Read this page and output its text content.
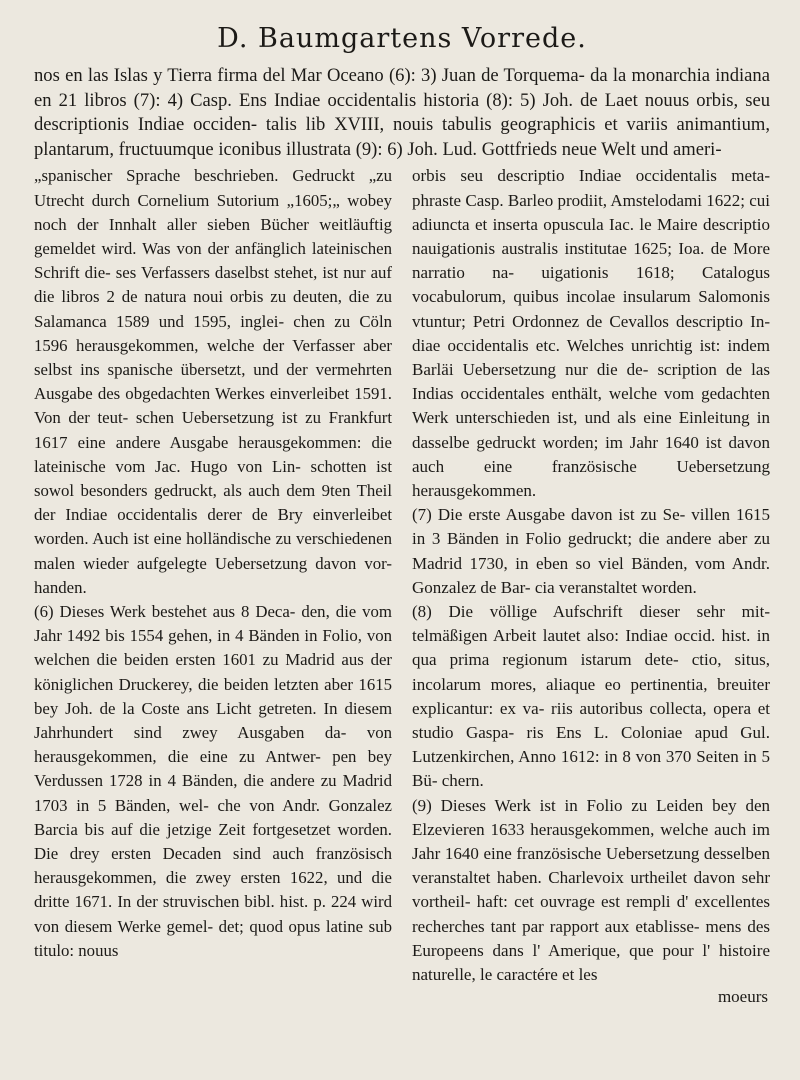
D. Baumgartens Vorrede.

nos en las Islas y Tierra firma del Mar Oceano (6): 3) Juan de Torquema- da la monarchia indiana en 21 libros (7): 4) Casp. Ens Indiae occidentalis historia (8): 5) Joh. de Laet nouus orbis, seu descriptionis Indiae occiden- talis lib XVIII, nouis tabulis geographicis et variis animantium, plantarum, fructuumque iconibus illustrata (9): 6) Joh. Lud. Gottfrieds neue Welt und ameri-

„spanischer Sprache beschrieben. Gedruckt „zu Utrecht durch Cornelium Sutorium „1605;„ wobey noch der Innhalt aller sieben Bücher weitläuftig gemeldet wird. Was von der anfänglich lateinischen Schrift die- ses Verfassers daselbst stehet, ist nur auf die libros 2 de natura noui orbis zu deuten, die zu Salamanca 1589 und 1595, inglei- chen zu Cöln 1596 herausgekommen, welche der Verfasser aber selbst ins spanische übersetzt, und der vermehrten Ausgabe des obgedachten Werkes einverleibet 1591. Von der teut- schen Uebersetzung ist zu Frankfurt 1617 eine andere Ausgabe herausgekommen: die lateinische vom Jac. Hugo von Lin- schotten ist sowol besonders gedruckt, als auch dem 9ten Theil der Indiae occidentalis derer de Bry einverleibet worden. Auch ist eine holländische zu verschiedenen malen wieder aufgelegte Uebersetzung davon vor- handen.

(6) Dieses Werk bestehet aus 8 Deca- den, die vom Jahr 1492 bis 1554 gehen, in 4 Bänden in Folio, von welchen die beiden ersten 1601 zu Madrid aus der königlichen Druckerey, die beiden letzten aber 1615 bey Joh. de la Coste ans Licht getreten. In diesem Jahrhundert sind zwey Ausgaben da- von herausgekommen, die eine zu Antwer- pen bey Verdussen 1728 in 4 Bänden, die andere zu Madrid 1703 in 5 Bänden, wel- che von Andr. Gonzalez Barcia bis auf die jetzige Zeit fortgesetzet worden. Die drey ersten Decaden sind auch französisch herausgekommen, die zwey ersten 1622, und die dritte 1671. In der struvischen bibl. hist. p. 224 wird von diesem Werke gemel- det; quod opus latine sub titulo: nouus

orbis seu descriptio Indiae occidentalis meta- phraste Casp. Barleo prodiit, Amstelodami 1622; cui adiuncta et inserta opuscula Iac. le Maire descriptio nauigationis australis institutae 1625; Ioa. de More narratio na- uigationis 1618; Catalogus vocabulorum, quibus incolae insularum Salomonis vtuntur; Petri Ordonnez de Cevallos descriptio In- diae occidentalis etc. Welches unrichtig ist: indem Barläi Uebersetzung nur die de- scription de las Indias occidentales enthält, welche vom gedachten Werk unterschieden ist, und als eine Einleitung in dasselbe gedruckt worden; im Jahr 1640 ist davon auch eine französische Uebersetzung herausgekommen.

(7) Die erste Ausgabe davon ist zu Se- villen 1615 in 3 Bänden in Folio gedruckt; die andere aber zu Madrid 1730, in eben so viel Bänden, vom Andr. Gonzalez de Bar- cia veranstaltet worden.

(8) Die völlige Aufschrift dieser sehr mit- telmäßigen Arbeit lautet also: Indiae occid. hist. in qua prima regionum istarum dete- ctio, situs, incolarum mores, aliaque eo pertinentia, breuiter explicantur: ex va- riis autoribus collecta, opera et studio Gaspa- ris Ens L. Coloniae apud Gul. Lutzenkirchen, Anno 1612: in 8 von 370 Seiten in 5 Bü- chern.

(9) Dieses Werk ist in Folio zu Leiden bey den Elzevieren 1633 herausgekommen, welche auch im Jahr 1640 eine französische Uebersetzung desselben veranstaltet haben. Charlevoix urtheilet davon sehr vortheil- haft: cet ouvrage est rempli d' excellentes recherches tant par rapport aux etablisse- mens des Europeens dans l' Amerique, que pour l' histoire naturelle, le caractére et les

moeurs
